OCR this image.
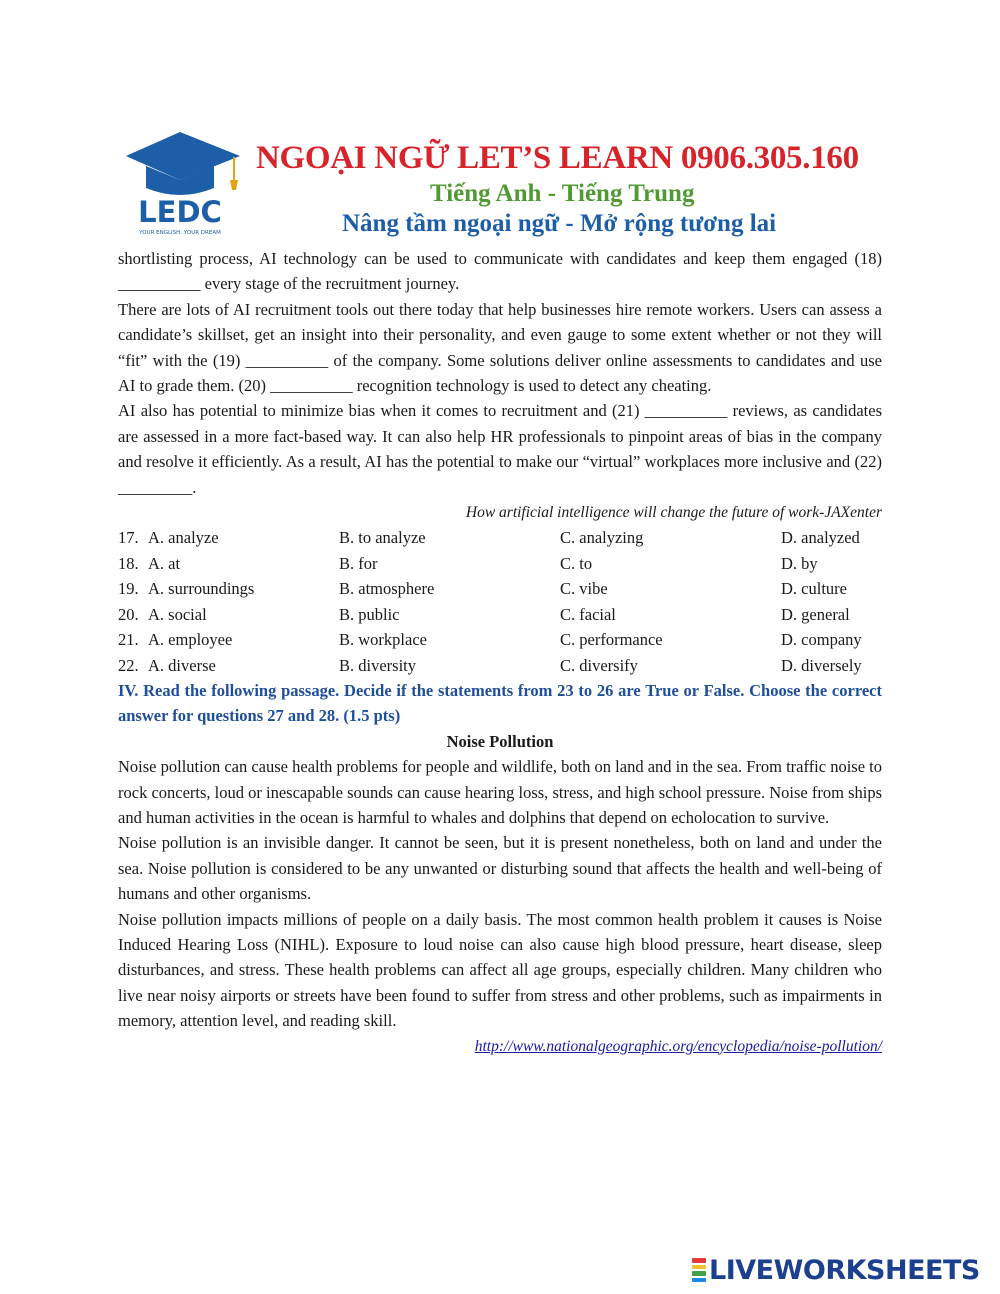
LEDC
YOUR ENGLISH, YOUR DREAM
NGOẠI NGỮ LET’S LEARN 0906.305.160
Tiếng Anh - Tiếng Trung
Nâng tầm ngoại ngữ - Mở rộng tương lai

shortlisting process, AI technology can be used to communicate with candidates and keep them engaged (18) __________ every stage of the recruitment journey.

There are lots of AI recruitment tools out there today that help businesses hire remote workers. Users can assess a candidate’s skillset, get an insight into their personality, and even gauge to some extent whether or not they will “fit” with the (19) __________ of the company. Some solutions deliver online assessments to candidates and use AI to grade them. (20) __________ recognition technology is used to detect any cheating.

AI also has potential to minimize bias when it comes to recruitment and (21) __________ reviews, as candidates are assessed in a more fact-based way. It can also help HR professionals to pinpoint areas of bias in the company and resolve it efficiently. As a result, AI has the potential to make our “virtual” workplaces more inclusive and (22) _________.

How artificial intelligence will change the future of work-JAXenter

17. A. analyze	B. to analyze	C. analyzing	D. analyzed
18. A. at	B. for	C. to	D. by
19. A. surroundings	B. atmosphere	C. vibe	D. culture
20. A. social	B. public	C. facial	D. general
21. A. employee	B. workplace	C. performance	D. company
22. A. diverse	B. diversity	C. diversify	D. diversely

IV. Read the following passage. Decide if the statements from 23 to 26 are True or False. Choose the correct answer for questions 27 and 28. (1.5 pts)

Noise Pollution

Noise pollution can cause health problems for people and wildlife, both on land and in the sea. From traffic noise to rock concerts, loud or inescapable sounds can cause hearing loss, stress, and high school pressure. Noise from ships and human activities in the ocean is harmful to whales and dolphins that depend on echolocation to survive.

Noise pollution is an invisible danger. It cannot be seen, but it is present nonetheless, both on land and under the sea. Noise pollution is considered to be any unwanted or disturbing sound that affects the health and well-being of humans and other organisms.

Noise pollution impacts millions of people on a daily basis. The most common health problem it causes is Noise Induced Hearing Loss (NIHL). Exposure to loud noise can also cause high blood pressure, heart disease, sleep disturbances, and stress. These health problems can affect all age groups, especially children. Many children who live near noisy airports or streets have been found to suffer from stress and other problems, such as impairments in memory, attention level, and reading skill.

http://www.nationalgeographic.org/encyclopedia/noise-pollution/

LIVEWORKSHEETS
